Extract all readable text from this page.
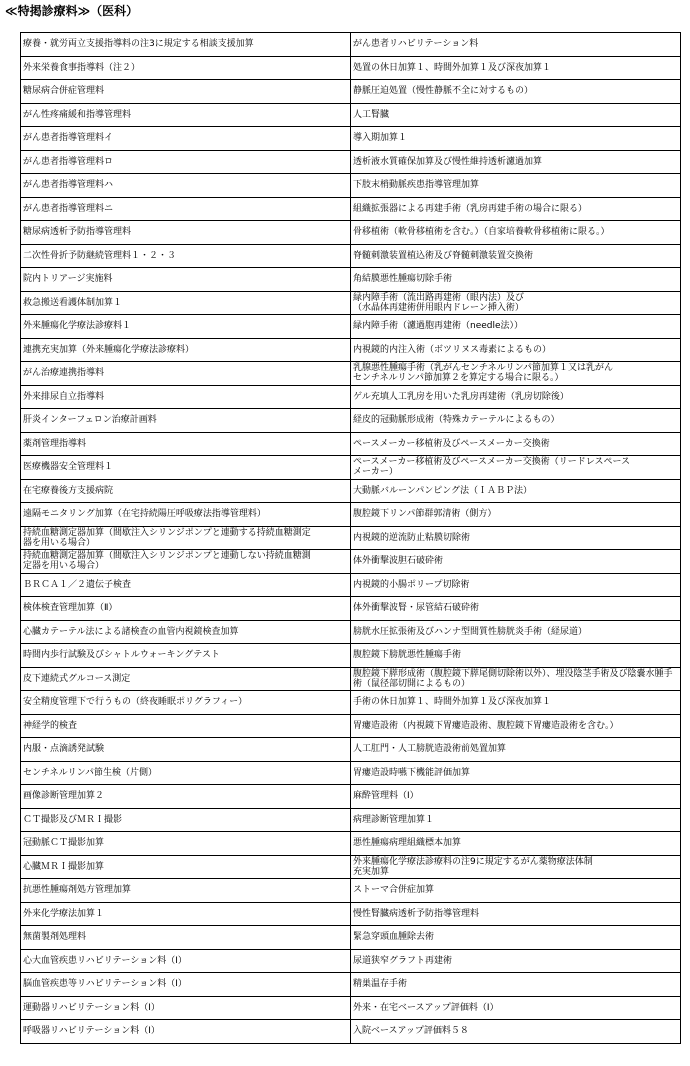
≪特掲診療料≫（医科）
療養・就労両立支援指導料の注3に規定する相談支援加算	がん患者リハビリテーション料

外来栄養食事指導料（注２）	処置の休日加算１、時間外加算１及び深夜加算１

糖尿病合併症管理料	静脈圧迫処置（慢性静脈不全に対するもの）

がん性疼痛緩和指導管理料	人工腎臓

がん患者指導管理料イ	導入期加算１

がん患者指導管理料ロ	透析液水質確保加算及び慢性維持透析濾過加算

がん患者指導管理料ハ	下肢末梢動脈疾患指導管理加算

がん患者指導管理料ニ	組織拡張器による再建手術（乳房再建手術の場合に限る）

糖尿病透析予防指導管理料	骨移植術（軟骨移植術を含む。）（自家培養軟骨移植術に限る。）

二次性骨折予防継続管理料１・２・３	脊髄刺激装置植込術及び脊髄刺激装置交換術

院内トリアージ実施料	角結膜悪性腫瘍切除手術

救急搬送看護体制加算１	緑内障手術（流出路再建術（眼内法）及び
（水晶体再建術併用眼内ドレーン挿入術）

外来腫瘍化学療法診療料１	緑内障手術（濾過胞再建術（needle法））

連携充実加算（外来腫瘍化学療法診療料）	内視鏡的内注入術（ボツリヌス毒素によるもの）

がん治療連携指導料	乳腺悪性腫瘍手術（乳がんセンチネルリンパ節加算１又は乳がん
センチネルリンパ節加算２を算定する場合に限る。）

外来排尿自立指導料	ゲル充填人工乳房を用いた乳房再建術（乳房切除後）

肝炎インターフェロン治療計画料	経皮的冠動脈形成術（特殊カテーテルによるもの）

薬剤管理指導料	ペースメーカー移植術及びペースメーカー交換術

医療機器安全管理料１	ペースメーカー移植術及びペースメーカー交換術（リードレスペース
メーカー）

在宅療養後方支援病院	大動脈バルーンパンピング法（ＩＡＢＰ法）

遠隔モニタリング加算（在宅持続陽圧呼吸療法指導管理料）	腹腔鏡下リンパ節群郭清術（側方）

持続血糖測定器加算（間歇注入シリンジポンプと連動する持続血糖測定
器を用いる場合）	内視鏡的逆流防止粘膜切除術

持続血糖測定器加算（間歇注入シリンジポンプと連動しない持続血糖測
定器を用いる場合）	体外衝撃波胆石破砕術

ＢＲＣＡ１／２遺伝子検査	内視鏡的小腸ポリープ切除術

検体検査管理加算（Ⅱ）	体外衝撃波腎・尿管結石破砕術

心臓カテーテル法による諸検査の血管内視鏡検査加算	膀胱水圧拡張術及びハンナ型間質性膀胱炎手術（経尿道）

時間内歩行試験及びシャトルウォーキングテスト	腹腔鏡下膀胱悪性腫瘍手術

皮下連続式グルコース測定	腹腔鏡下膵形成術（腹腔鏡下膵尾側切除術以外）、埋没陰茎手術及び陰嚢水腫手
術（鼠径部切開によるもの）

安全精度管理下で行うもの（終夜睡眠ポリグラフィー）	手術の休日加算１、時間外加算１及び深夜加算１

神経学的検査	胃瘻造設術（内視鏡下胃瘻造設術、腹腔鏡下胃瘻造設術を含む。）

内服・点滴誘発試験	人工肛門・人工膀胱造設術前処置加算

センチネルリンパ節生検（片側）	胃瘻造設時嚥下機能評価加算

画像診断管理加算２	麻酔管理料（Ⅰ）

ＣＴ撮影及びＭＲＩ撮影	病理診断管理加算１

冠動脈ＣＴ撮影加算	悪性腫瘍病理組織標本加算

心臓ＭＲＩ撮影加算	外来腫瘍化学療法診療料の注9に規定するがん薬物療法体制
充実加算

抗悪性腫瘍剤処方管理加算	ストーマ合併症加算

外来化学療法加算１	慢性腎臓病透析予防指導管理料

無菌製剤処理料	緊急穿頭血腫除去術

心大血管疾患リハビリテーション料（Ⅰ）	尿道狭窄グラフト再建術

脳血管疾患等リハビリテーション料（Ⅰ）	精巣温存手術

運動器リハビリテーション料（Ⅰ）	外来・在宅ベースアップ評価料（Ⅰ）

呼吸器リハビリテーション料（Ⅰ）	入院ベースアップ評価料５８
